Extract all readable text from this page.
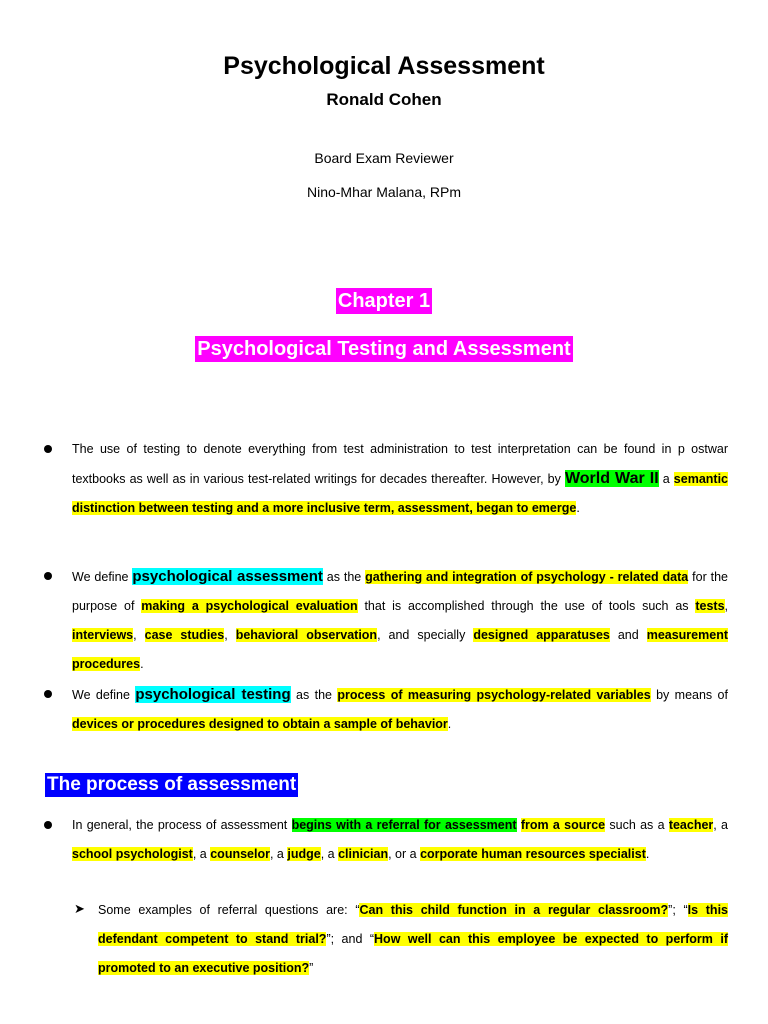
Psychological Assessment
Ronald Cohen
Board Exam Reviewer
Nino-Mhar Malana, RPm
Chapter 1
Psychological Testing and Assessment
The use of testing to denote everything from test administration to test interpretation can be found in p ostwar textbooks as well as in various test-related writings for decades thereafter. However, by World War II a semantic distinction between testing and a more inclusive term, assessment, began to emerge.
We define psychological assessment as the gathering and integration of psychology - related data for the purpose of making a psychological evaluation that is accomplished through the use of tools such as tests, interviews, case studies, behavioral observation, and specially designed apparatuses and measurement procedures.
We define psychological testing as the process of measuring psychology-related variables by means of devices or procedures designed to obtain a sample of behavior.
The process of assessment
In general, the process of assessment begins with a referral for assessment from a source such as a teacher, a school psychologist, a counselor, a judge, a clinician, or a corporate human resources specialist.
➤ Some examples of referral questions are: “Can this child function in a regular classroom?”; “Is this defendant competent to stand trial?”; and “How well can this employee be expected to perform if promoted to an executive position?”
